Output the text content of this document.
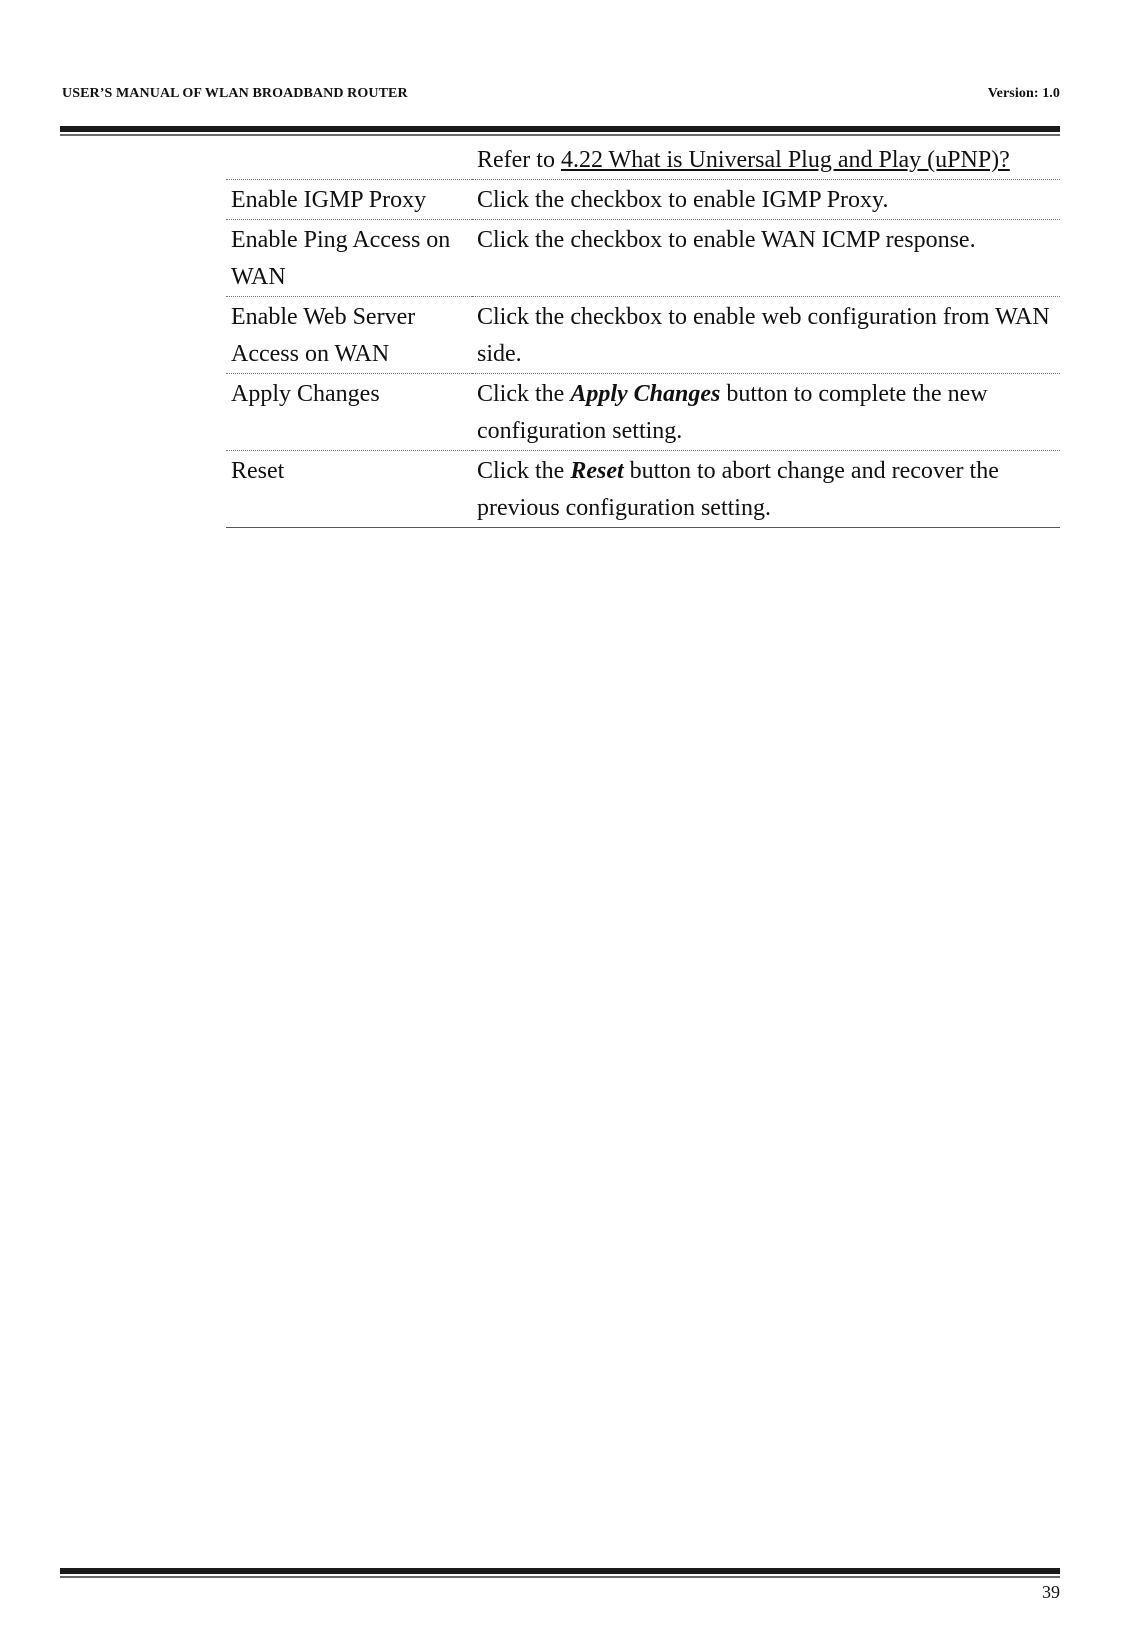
USER’S MANUAL OF WLAN BROADBAND ROUTER	Version: 1.0
	Refer to 4.22 What is Universal Plug and Play (uPNP)?
Enable IGMP Proxy	Click the checkbox to enable IGMP Proxy.
Enable Ping Access on WAN	Click the checkbox to enable WAN ICMP response.
Enable Web Server Access on WAN	Click the checkbox to enable web configuration from WAN side.
Apply Changes	Click the Apply Changes button to complete the new configuration setting.
Reset	Click the Reset button to abort change and recover the previous configuration setting.
39
